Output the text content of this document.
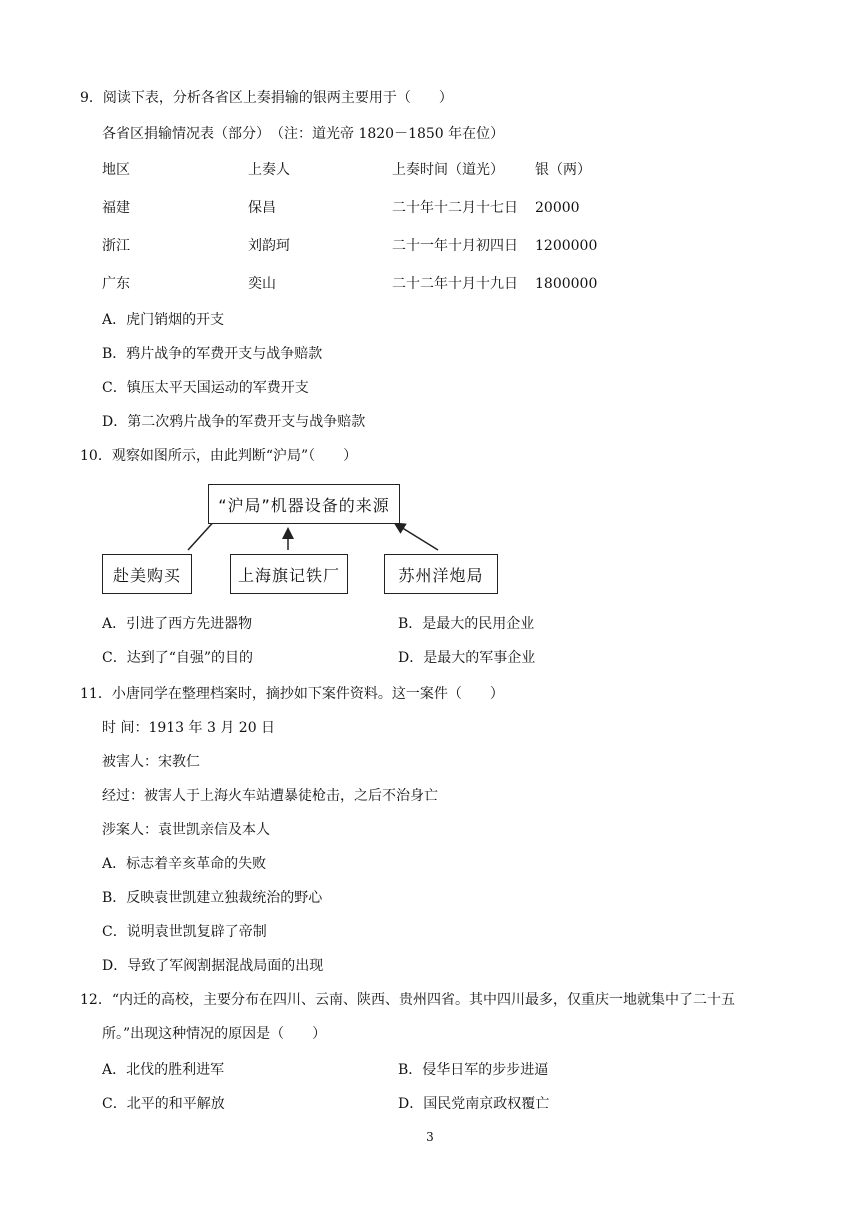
9．阅读下表，分析各省区上奏捐输的银两主要用于（　　）
各省区捐输情况表（部分）　（注：道光帝 1820－1850 年在位）
地区	上奏人	上奏时间（道光） 银（两）
福建	保昌	二十年十二月十七日 20000
浙江	刘韵珂	二十一年十月初四日 1200000
广东	奕山	二十二年十月十九日 1800000
A．虎门销烟的开支
B．鸦片战争的军费开支与战争赔款
C．镇压太平天国运动的军费开支
D．第二次鸦片战争的军费开支与战争赔款
10．观察如图所示，由此判断“沪局”（　　）
“沪局”机器设备的来源
赴美购买	上海旗记铁厂	苏州洋炮局
A．引进了西方先进器物	B．是最大的民用企业
C．达到了“自强”的目的	D．是最大的军事企业
11．小唐同学在整理档案时，摘抄如下案件资料。这一案件（　　）
时 间：1913 年 3 月 20 日
被害人：宋教仁
经过：被害人于上海火车站遭暴徒枪击，之后不治身亡
涉案人：袁世凯亲信及本人
A．标志着辛亥革命的失败
B．反映袁世凯建立独裁统治的野心
C．说明袁世凯复辟了帝制
D．导致了军阀割据混战局面的出现
12．“内迁的高校，主要分布在四川、云南、陕西、贵州四省。其中四川最多，仅重庆一地就集中了二十五
所。”出现这种情况的原因是（　　）
A．北伐的胜利进军	B．侵华日军的步步进逼
C．北平的和平解放	D．国民党南京政权覆亡
3
